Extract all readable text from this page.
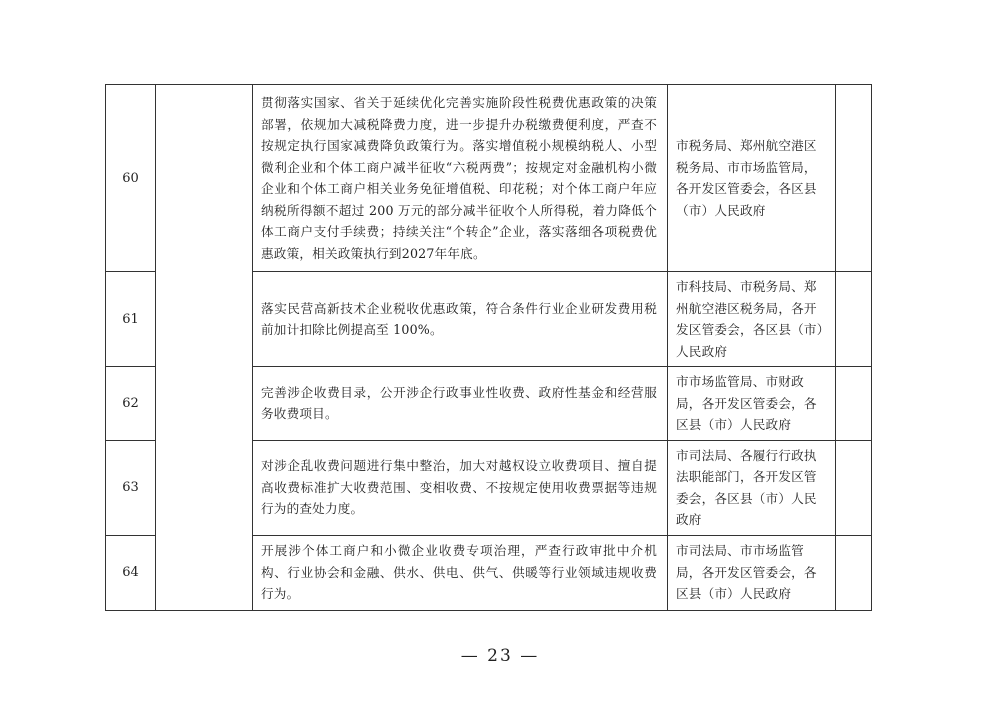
60		贯彻落实国家、省关于延续优化完善实施阶段性税费优惠政策的决策部署，依规加大减税降费力度，进一步提升办税缴费便利度，严查不按规定执行国家减费降负政策行为。落实增值税小规模纳税人、小型微利企业和个体工商户减半征收“六税两费”；按规定对金融机构小微企业和个体工商户相关业务免征增值税、印花税；对个体工商户年应纳税所得额不超过 200 万元的部分减半征收个人所得税，着力降低个体工商户支付手续费；持续关注“个转企”企业，落实落细各项税费优惠政策，相关政策执行到2027年年底。	市税务局、郑州航空港区税务局、市市场监管局，各开发区管委会，各区县（市）人民政府	
61		落实民营高新技术企业税收优惠政策，符合条件行业企业研发费用税前加计扣除比例提高至 100%。	市科技局、市税务局、郑州航空港区税务局，各开发区管委会，各区县（市）人民政府	
62		完善涉企收费目录，公开涉企行政事业性收费、政府性基金和经营服务收费项目。	市市场监管局、市财政局，各开发区管委会，各区县（市）人民政府	
63		对涉企乱收费问题进行集中整治，加大对越权设立收费项目、擅自提高收费标准扩大收费范围、变相收费、不按规定使用收费票据等违规行为的查处力度。	市司法局、各履行行政执法职能部门，各开发区管委会，各区县（市）人民政府	
64		开展涉个体工商户和小微企业收费专项治理，严查行政审批中介机构、行业协会和金融、供水、供电、供气、供暖等行业领域违规收费行为。	市司法局、市市场监管局，各开发区管委会，各区县（市）人民政府	
— 23 —
